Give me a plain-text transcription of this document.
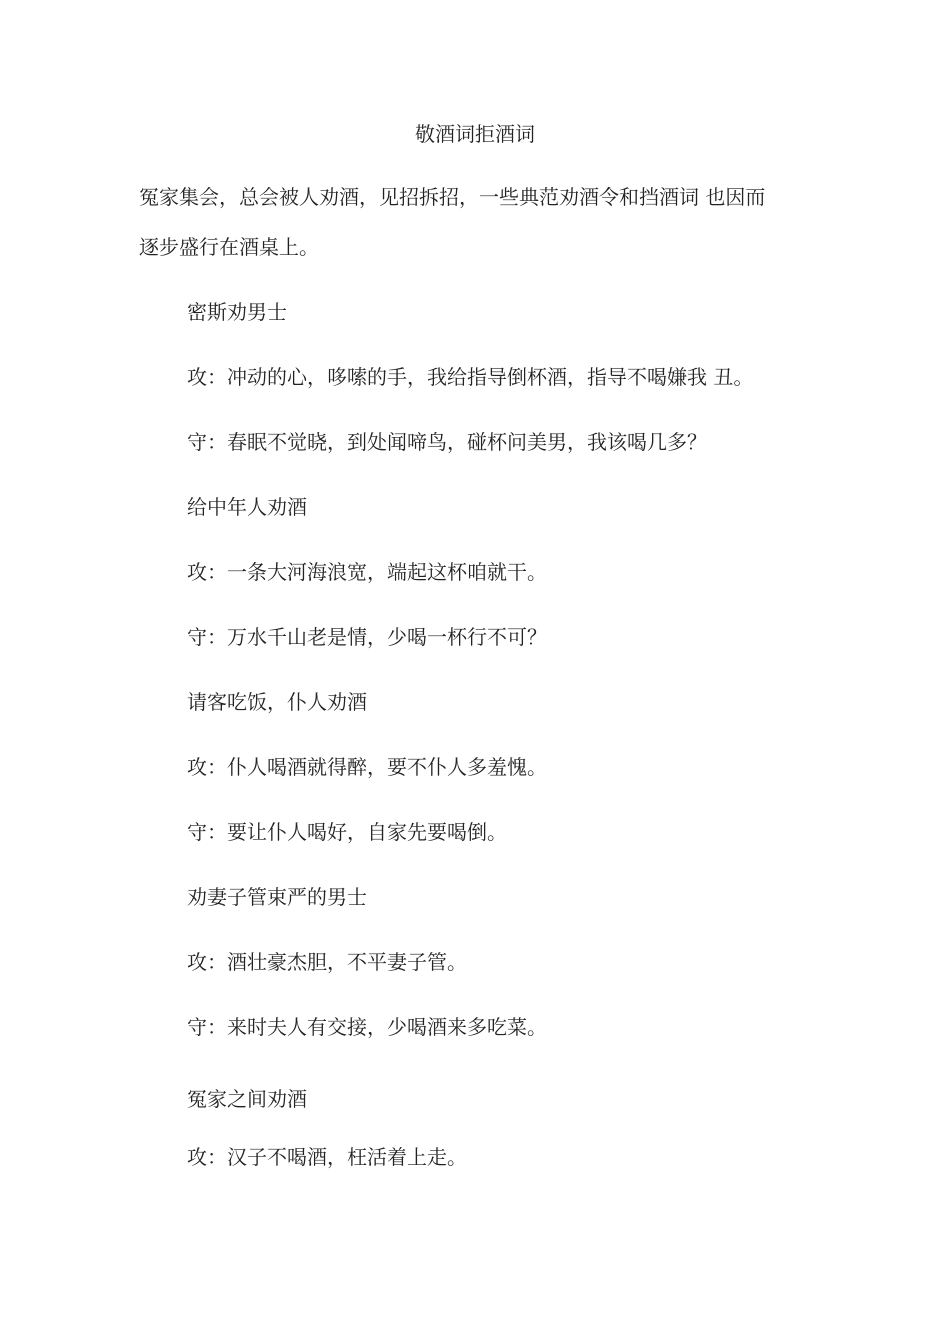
敬酒词拒酒词
冤家集会，总会被人劝酒，见招拆招，一些典范劝酒令和挡酒词 也因而
逐步盛行在酒桌上。
密斯劝男士
攻：冲动的心，哆嗦的手，我给指导倒杯酒，指导不喝嫌我 丑。
守：春眠不觉晓，到处闻啼鸟，碰杯问美男，我该喝几多？
给中年人劝酒
攻：一条大河海浪宽，端起这杯咱就干。
守：万水千山老是情，少喝一杯行不可？
请客吃饭，仆人劝酒
攻：仆人喝酒就得醉，要不仆人多羞愧。
守：要让仆人喝好，自家先要喝倒。
劝妻子管束严的男士
攻：酒壮豪杰胆，不平妻子管。
守：来时夫人有交接，少喝酒来多吃菜。
冤家之间劝酒
攻：汉子不喝酒，枉活着上走。
